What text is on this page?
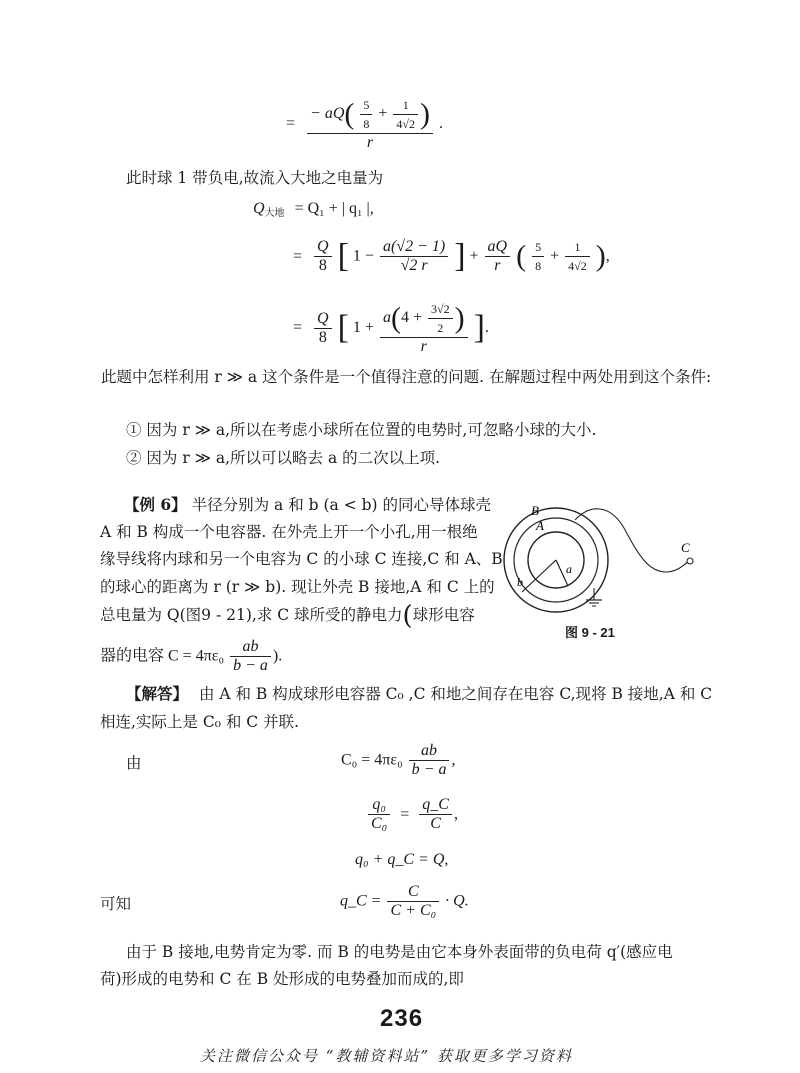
= $\frac{- aQ( \frac{5}{8} + \frac{1}{4√2} )}{r}$ .
此时球 1 带负电,故流入大地之电量为
$Q_{大地} = Q_1$ + | q₁ |,
= $\frac{Q}{8}$ [ $1 - \frac{a(√2 - 1)}{√2 r}$ ] + $\frac{aQ}{r}$ ( $\frac{5}{8} + \frac{1}{4√2}$ ),
= $\frac{Q}{8}$ [ $1 + \frac{a(4 + \frac{3√2}{2} )}{r}$ ].
此题中怎样利用 r ≫ a 这个条件是一个值得注意的问题. 在解题过程中两处用到这个条件:
① 因为 r ≫ a,所以在考虑小球所在位置的电势时,可忽略小球的大小.
② 因为 r ≫ a,所以可以略去 a 的二次以上项.
【例 6】 半径分别为 a 和 b (a < b) 的同心导体球壳
A 和 B 构成一个电容器. 在外壳上开一个小孔,用一根绝
缘导线将内球和另一个电容为 C 的小球 C 连接,C 和 A、B
的球心的距离为 r (r ≫ b). 现让外壳 B 接地,A 和 C 上的
总电量为 Q(图9 - 21),求 C 球所受的静电力(球形电容
器的电容 $C = 4\pi\varepsilon_0 \frac{ab}{b - a}$ ).
B
A
a
b
C
图 9 - 21
【解答】 由 A 和 B 构成球形电容器 C₀ ,C 和地之间存在电容 C,现将 B 接地,A 和 C
相连,实际上是 C₀ 和 C 并联.
由	$C_0 = 4\pi\varepsilon_0 \frac{ab}{b - a}$ ,
$\frac{\text{q₀}}{\text{C₀}} = \frac{q\_C}{C}$ ,
q₀ + q_C = Q,
可知	q_C = $\frac{C}{\text{C + C₀}} \cdot Q$.
由于 B 接地,电势肯定为零. 而 B 的电势是由它本身外表面带的负电荷 q′(感应电
荷)形成的电势和 C 在 B 处形成的电势叠加而成的,即
236
关注微信公众号 “教辅资料站” 获取更多学习资料
